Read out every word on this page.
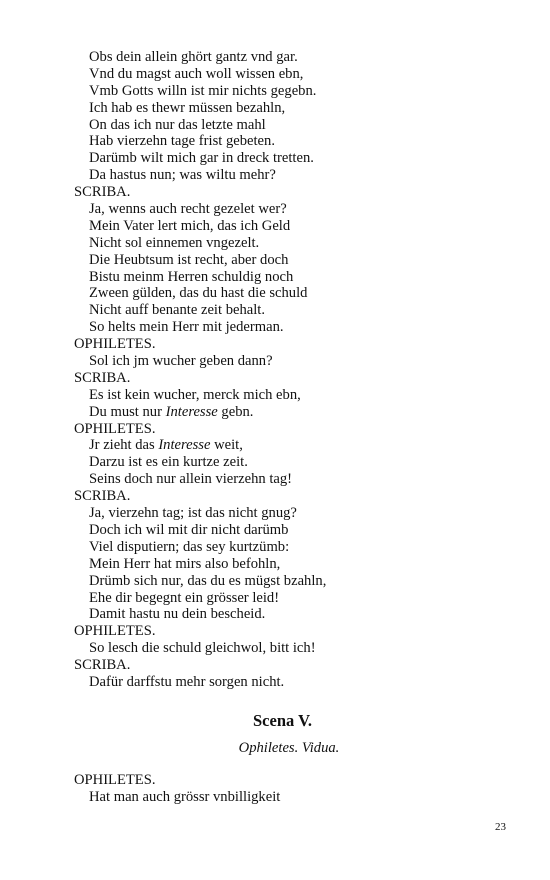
Obs dein allein ghört gantz vnd gar.
Vnd du magst auch woll wissen ebn,
Vmb Gotts willn ist mir nichts gegebn.
Ich hab es thewr müssen bezahln,
On das ich nur das letzte mahl
Hab vierzehn tage frist gebeten.
Darümb wilt mich gar in dreck tretten.
Da hastus nun; was wiltu mehr?
SCRIBA.
Ja, wenns auch recht gezelet wer?
Mein Vater lert mich, das ich Geld
Nicht sol einnemen vngezelt.
Die Heubtsum ist recht, aber doch
Bistu meinm Herren schuldig noch
Zween gülden, das du hast die schuld
Nicht auff benante zeit behalt.
So helts mein Herr mit jederman.
OPHILETES.
Sol ich jm wucher geben dann?
SCRIBA.
Es ist kein wucher, merck mich ebn,
Du must nur Interesse gebn.
OPHILETES.
Jr zieht das Interesse weit,
Darzu ist es ein kurtze zeit.
Seins doch nur allein vierzehn tag!
SCRIBA.
Ja, vierzehn tag; ist das nicht gnug?
Doch ich wil mit dir nicht darümb
Viel disputiern; das sey kurtzümb:
Mein Herr hat mirs also befohln,
Drümb sich nur, das du es mügst bzahln,
Ehe dir begegnt ein grösser leid!
Damit hastu nu dein bescheid.
OPHILETES.
So lesch die schuld gleichwol, bitt ich!
SCRIBA.
Dafür darffstu mehr sorgen nicht.
Scena V.
Ophiletes. Vidua.
OPHILETES.
Hat man auch grössr vnbilligkeit
23
